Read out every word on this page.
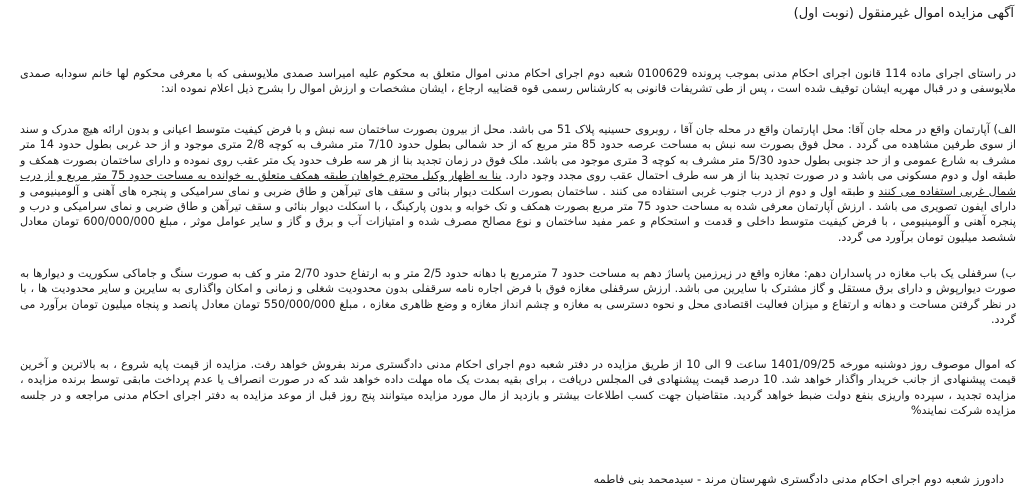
آگهی مزایده اموال غیرمنقول (نوبت اول)

در راستای اجرای ماده 114 قانون اجرای احکام مدنی بموجب پرونده 0100629 شعبه دوم اجرای احکام مدنی اموال متعلق به محکوم علیه امیراسد صمدی ملایوسفی که با معرفی محکوم لها خانم سودابه صمدی ملایوسفی و در قبال مهریه ایشان توقیف شده است ، پس از طی تشریفات قانونی به کارشناس رسمی قوه قضاییه ارجاع ، ایشان مشخصات و ارزش اموال را بشرح ذیل اعلام نموده اند:

الف) آپارتمان واقع در محله جان آقا: محل اپارتمان واقع در محله جان آقا ، روبروی حسینیه پلاک 51 می باشد. محل از بیرون بصورت ساختمان سه نبش و با فرض کیفیت متوسط اعیانی و بدون ارائه هیچ مدرک و سند از سوی طرفین مشاهده می گردد . محل فوق بصورت سه نبش به مساحت عرصه حدود 85 متر مربع که از حد شمالی بطول حدود 7/10 متر مشرف به کوچه 2/8 متری موجود و از حد غربی بطول حدود 14 متر مشرف به شارع عمومی و از حد جنوبی بطول حدود 5/30 متر مشرف به کوچه 3 متری موجود می باشد. ملک فوق در زمان تجدید بنا از هر سه طرف حدود یک متر عقب روی نموده و دارای ساختمان بصورت همکف و طبقه اول و دوم مسکونی می باشد و در صورت تجدید بنا از هر سه طرف احتمال عقب روی مجدد وجود دارد. بنا به اظهار وکیل محترم خواهان طبقه همکف متعلق به خوانده به مساحت حدود 75 متر مربع و از درب شمال غربی استفاده می کنند و طبقه اول و دوم از درب جنوب غربی استفاده می کنند . ساختمان بصورت اسکلت دیوار بنائی و سقف های تیرآهن و طاق ضربی و نمای سرامیکی و پنجره های آهنی و آلومینیومی و دارای ایفون تصویری می باشد . ارزش آپارتمان معرفی شده به مساحت حدود 75 متر مربع بصورت همکف و تک خوابه و بدون پارکینگ ، با اسکلت دیوار بنائی و سقف تیرآهن و طاق ضربی و نمای سرامیکی و درب و پنجره آهنی و آلومینیومی ، با فرض کیفیت متوسط داخلی و قدمت و استحکام و عمر مفید ساختمان و نوع مصالح مصرف شده و امتیازات آب و برق و گاز و سایر عوامل موثر ، مبلغ 600/000/000 تومان معادل ششصد میلیون تومان برآورد می گردد.

ب) سرقفلی یک باب مغازه در پاسداران دهم: مغازه واقع در زیرزمین پاساژ دهم به مساحت حدود 7 مترمربع با دهانه حدود 2/5 متر و به ارتفاع حدود 2/70 متر و کف به صورت سنگ و جاماکی سکوریت و دیوارها به صورت دیوارپوش و دارای برق مستقل و گاز مشترک با سایرین می باشد. ارزش سرقفلی مغازه فوق با فرض اجاره نامه سرقفلی بدون محدودیت شغلی و زمانی و امکان واگذاری به سایرین و سایر محدودیت ها ، با در نظر گرفتن مساحت و دهانه و ارتفاع و میزان فعالیت اقتصادی محل و نحوه دسترسی به مغازه و چشم انداز مغازه و وضع ظاهری مغازه ، مبلغ 550/000/000 تومان معادل پانصد و پنجاه میلیون تومان برآورد می گردد.

که اموال موصوف روز دوشنبه مورخه 1401/09/25 ساعت 9 الی 10 از طریق مزایده در دفتر شعبه دوم اجرای احکام مدنی دادگستری مرند بفروش خواهد رفت. مزایده از قیمت پایه شروع ، به بالاترین و آخرین قیمت پیشنهادی از جانب خریدار واگذار خواهد شد. 10 درصد قیمت پیشنهادی فی المجلس دریافت ، برای بقیه بمدت یک ماه مهلت داده خواهد شد که در صورت انصراف یا عدم پرداخت مابقی توسط برنده مزایده ، مزایده تجدید ، سپرده واریزی بنفع دولت ضبط خواهد گردید. متقاضیان جهت کسب اطلاعات بیشتر و بازدید از مال مورد مزایده میتوانند پنج روز قبل از موعد مزایده به دفتر اجرای احکام مدنی مراجعه و در جلسه مزایده شرکت نمایند%

دادورز شعبه دوم اجرای احکام مدنی دادگستری شهرستان مرند - سیدمحمد بنی فاطمه
